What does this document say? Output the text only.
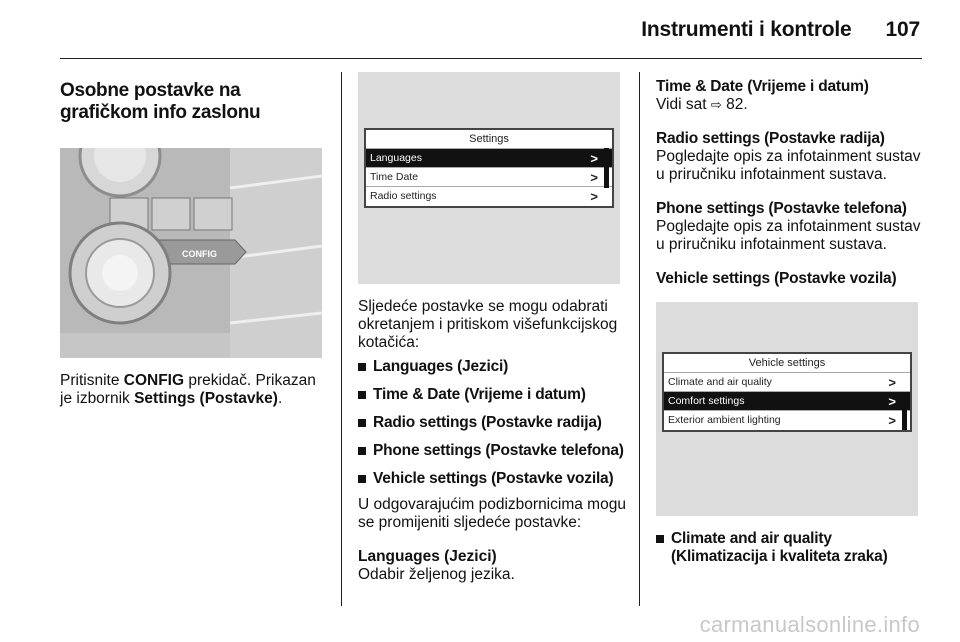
Instrumenti i kontrole 107
Osobne postavke na grafičkom info zaslonu
CONFIG

Pritisnite CONFIG prekidač. Prikazan je izbornik Settings (Postavke).

Settings
Languages	>
Time Date	>
Radio settings	>

Sljedeće postavke se mogu odabrati okretanjem i pritiskom višefunkcijskog kotačića:

Languages (Jezici)
Time & Date (Vrijeme i datum)
Radio settings (Postavke radija)
Phone settings (Postavke telefona)
Vehicle settings (Postavke vozila)

U odgovarajućim podizbornicima mogu se promijeniti sljedeće postavke:

Languages (Jezici)

Odabir željenog jezika.

Time & Date (Vrijeme i datum)

Vidi sat ⇨ 82.

Radio settings (Postavke radija)

Pogledajte opis za infotainment sustav u priručniku infotainment sustava.

Phone settings (Postavke telefona)

Pogledajte opis za infotainment sustav u priručniku infotainment sustava.

Vehicle settings (Postavke vozila)

Vehicle settings
Climate and air quality	>
Comfort settings	>
Exterior ambient lighting	>
Climate and air quality
(Klimatizacija i kvaliteta zraka)
carmanualsonline.info
